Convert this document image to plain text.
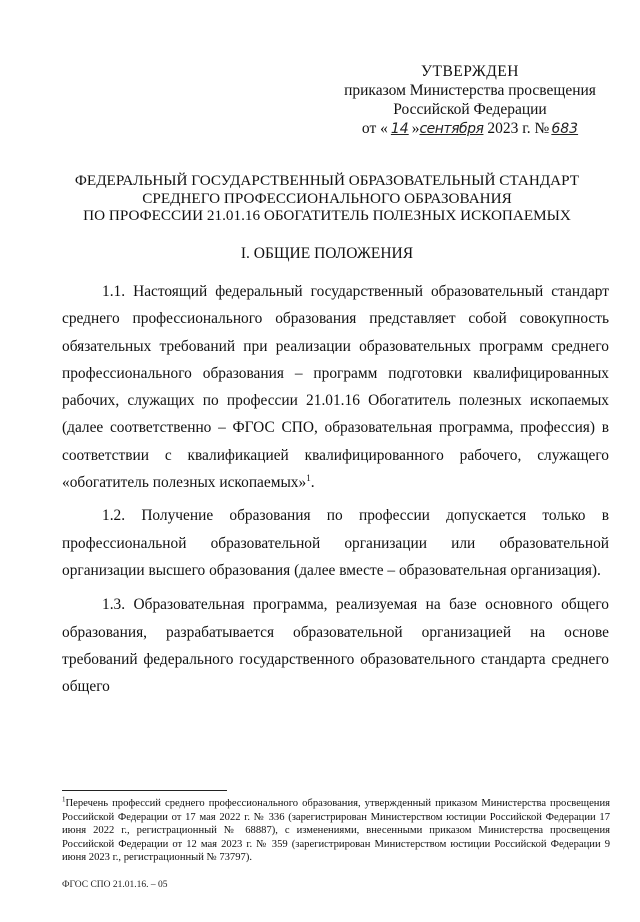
УТВЕРЖДЕН
приказом Министерства просвещения
Российской Федерации
от « 14 »сентября 2023 г. № 683
ФЕДЕРАЛЬНЫЙ ГОСУДАРСТВЕННЫЙ ОБРАЗОВАТЕЛЬНЫЙ СТАНДАРТ
СРЕДНЕГО ПРОФЕССИОНАЛЬНОГО ОБРАЗОВАНИЯ
ПО ПРОФЕССИИ 21.01.16 ОБОГАТИТЕЛЬ ПОЛЕЗНЫХ ИСКОПАЕМЫХ
I. ОБЩИЕ ПОЛОЖЕНИЯ

1.1. Настоящий федеральный государственный образовательный стандарт среднего профессионального образования представляет собой совокупность обязательных требований при реализации образовательных программ среднего профессионального образования – программ подготовки квалифицированных рабочих, служащих по профессии 21.01.16 Обогатитель полезных ископаемых (далее соответственно – ФГОС СПО, образовательная программа, профессия) в соответствии с квалификацией квалифицированного рабочего, служащего «обогатитель полезных ископаемых»$^1$.

1.2. Получение образования по профессии допускается только в профессиональной образовательной организации или образовательной организации высшего образования (далее вместе – образовательная организация).

1.3. Образовательная программа, реализуемая на базе основного общего образования, разрабатывается образовательной организацией на основе требований федерального государственного образовательного стандарта среднего общего

$^1$Перечень профессий среднего профессионального образования, утвержденный приказом Министерства просвещения Российской Федерации от 17 мая 2022 г. № 336 (зарегистрирован Министерством юстиции Российской Федерации 17 июня 2022 г., регистрационный № 68887), с изменениями, внесенными приказом Министерства просвещения Российской Федерации от 12 мая 2023 г. № 359 (зарегистрирован Министерством юстиции Российской Федерации 9 июня 2023 г., регистрационный № 73797).
ФГОС СПО 21.01.16. – 05
